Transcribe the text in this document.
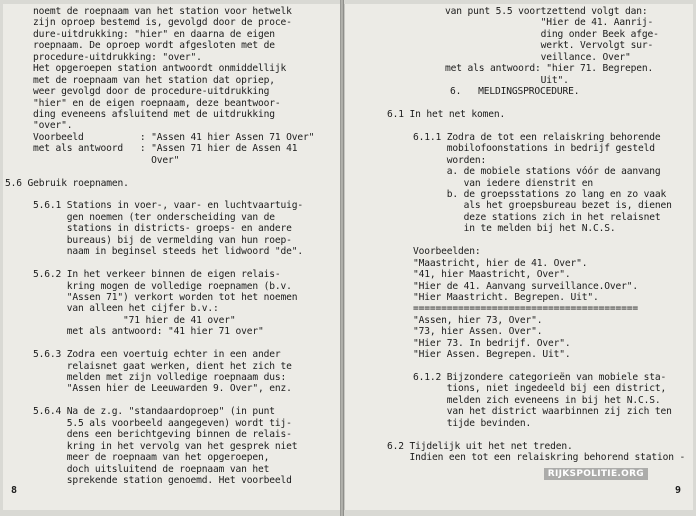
noemt de roepnaam van het station voor hetwelk
zijn oproep bestemd is, gevolgd door de proce-
dure-uitdrukking: "hier" en daarna de eigen
roepnaam. De oproep wordt afgesloten met de
procedure-uitdrukking: "over".
Het opgeroepen station antwoordt onmiddellijk
met de roepnaam van het station dat opriep,
weer gevolgd door de procedure-uitdrukking
"hier" en de eigen roepnaam, deze beantwoor-
ding eveneens afsluitend met de uitdrukking
"over".
Voorbeeld          : "Assen 41 hier Assen 71 Over"
met als antwoord   : "Assen 71 hier de Assen 41
Over"
5.6 Gebruik roepnamen.
5.6.1 Stations in voer-, vaar- en luchtvaartuig-
gen noemen (ter onderscheiding van de
stations in districts- groeps- en andere
bureaus) bij de vermelding van hun roep-
naam in beginsel steeds het lidwoord "de".
5.6.2 In het verkeer binnen de eigen relais-
kring mogen de volledige roepnamen (b.v.
"Assen 71") verkort worden tot het noemen
van alleen het cijfer b.v.:
"71 hier de 41 over"
met als antwoord: "41 hier 71 over"
5.6.3 Zodra een voertuig echter in een ander
relaisnet gaat werken, dient het zich te
melden met zijn volledige roepnaam dus:
"Assen hier de Leeuwarden 9. Over", enz.
5.6.4 Na de z.g. "standaardoproep" (in punt
5.5 als voorbeeld aangegeven) wordt tij-
dens een berichtgeving binnen de relais-
kring in het vervolg van het gesprek niet
meer de roepnaam van het opgeroepen,
doch uitsluitend de roepnaam van het
sprekende station genoemd. Het voorbeeld
8
van punt 5.5 voortzettend volgt dan:
"Hier de 41. Aanrij-
ding onder Beek afge-
werkt. Vervolgt sur-
veillance. Over"
met als antwoord: "hier 71. Begrepen.
Uit".
6.   MELDINGSPROCEDURE.
6.1 In het net komen.
6.1.1 Zodra de tot een relaiskring behorende
mobilofoonstations in bedrijf gesteld
worden:
a. de mobiele stations vóór de aanvang
van iedere dienstrit en
b. de groepsstations zo lang en zo vaak
als het groepsbureau bezet is, dienen
deze stations zich in het relaisnet
in te melden bij het N.C.S.
Voorbeelden:
"Maastricht, hier de 41. Over".
"41, hier Maastricht, Over".
"Hier de 41. Aanvang surveillance.Over".
"Hier Maastricht. Begrepen. Uit".
========================================
"Assen, hier 73, Over".
"73, hier Assen. Over".
"Hier 73. In bedrijf. Over".
"Hier Assen. Begrepen. Uit".
6.1.2 Bijzondere categorieën van mobiele sta-
tions, niet ingedeeld bij een district,
melden zich eveneens in bij het N.C.S.
van het district waarbinnen zij zich ten
tijde bevinden.
6.2 Tijdelijk uit het net treden.
Indien een tot een relaiskring behorend station -
9
RIJKSPOLITIE.ORG
